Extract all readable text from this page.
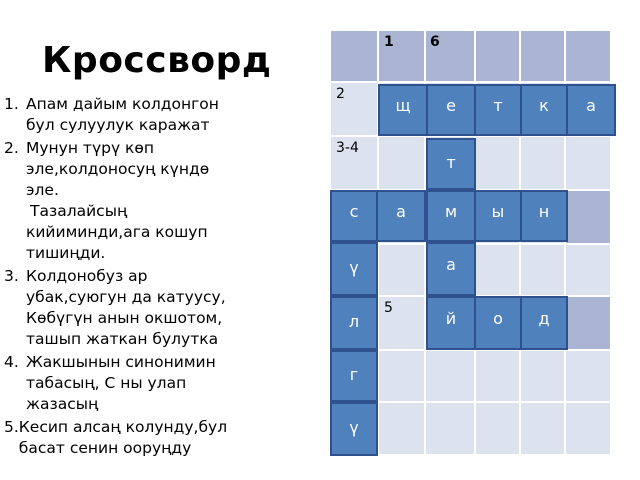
Кроссворд
1. Апам дайым колдонгон
бул сулуулук каражат
2. Мунун түрү көп
эле,колдоносуң күндө
эле.
Тазалайсың
кийиминди,ага кошуп
тишиңди.
3. Колдонобуз ар
убак,суюгун да катуусу,
Көбүгүн анын окшотом,
ташып жаткан булутка
4. Жакшынын синонимин
табасың, С ны улап
жазасың
5. Кесип алсаң колунду,бул
басат сенин ооруңду
1	6
2
3-4
5
щ е т к а
т
с а м ы н
ү
л
г
ү
а
й о д
